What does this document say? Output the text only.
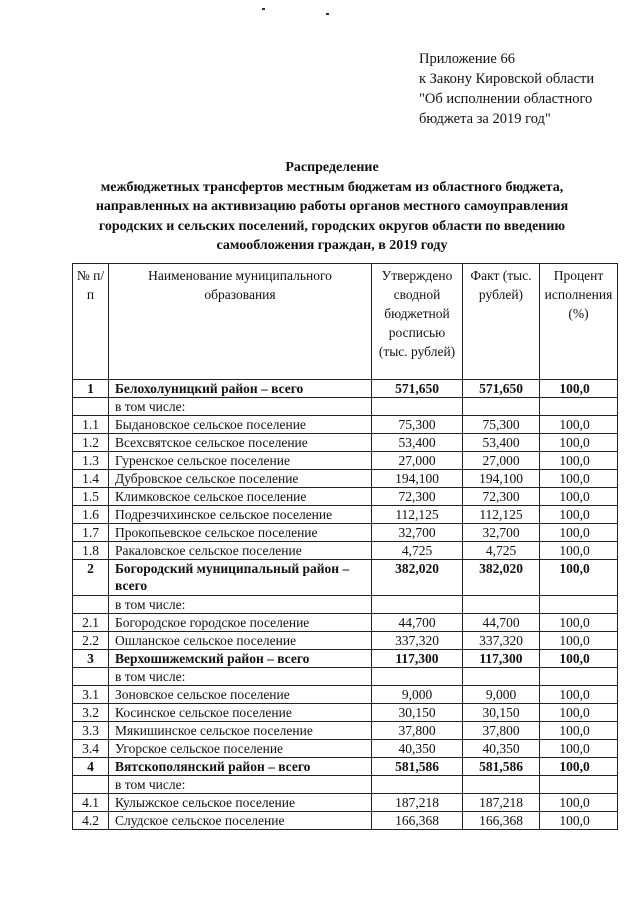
Приложение 66
к Закону Кировской области
"Об исполнении областного
бюджета за 2019 год"
Распределение
межбюджетных трансфертов местным бюджетам из областного бюджета,
направленных на активизацию работы органов местного самоуправления
городских и сельских поселений, городских округов области по введению
самообложения граждан, в 2019 году
№ п/п	Наименование муниципального образования	Утверждено сводной бюджетной росписью (тыс. рублей)	Факт (тыс. рублей)	Процент исполнения (%)
1	Белохолуницкий район – всего	571,650	571,650	100,0
	в том числе:			
1.1	Быдановское сельское поселение	75,300	75,300	100,0
1.2	Всехсвятское сельское поселение	53,400	53,400	100,0
1.3	Гуренское сельское поселение	27,000	27,000	100,0
1.4	Дубровское сельское поселение	194,100	194,100	100,0
1.5	Климковское сельское поселение	72,300	72,300	100,0
1.6	Подрезчихинское сельское поселение	112,125	112,125	100,0
1.7	Прокопьевское сельское поселение	32,700	32,700	100,0
1.8	Ракаловское сельское поселение	4,725	4,725	100,0
2	Богородский муниципальный район – всего	382,020	382,020	100,0
	в том числе:			
2.1	Богородское городское поселение	44,700	44,700	100,0
2.2	Ошланское сельское поселение	337,320	337,320	100,0
3	Верхошижемский район – всего	117,300	117,300	100,0
	в том числе:			
3.1	Зоновское сельское поселение	9,000	9,000	100,0
3.2	Косинское сельское поселение	30,150	30,150	100,0
3.3	Мякишинское сельское поселение	37,800	37,800	100,0
3.4	Угорское сельское поселение	40,350	40,350	100,0
4	Вятскополянский район – всего	581,586	581,586	100,0
	в том числе:			
4.1	Кулыжское сельское поселение	187,218	187,218	100,0
4.2	Слудское сельское поселение	166,368	166,368	100,0
